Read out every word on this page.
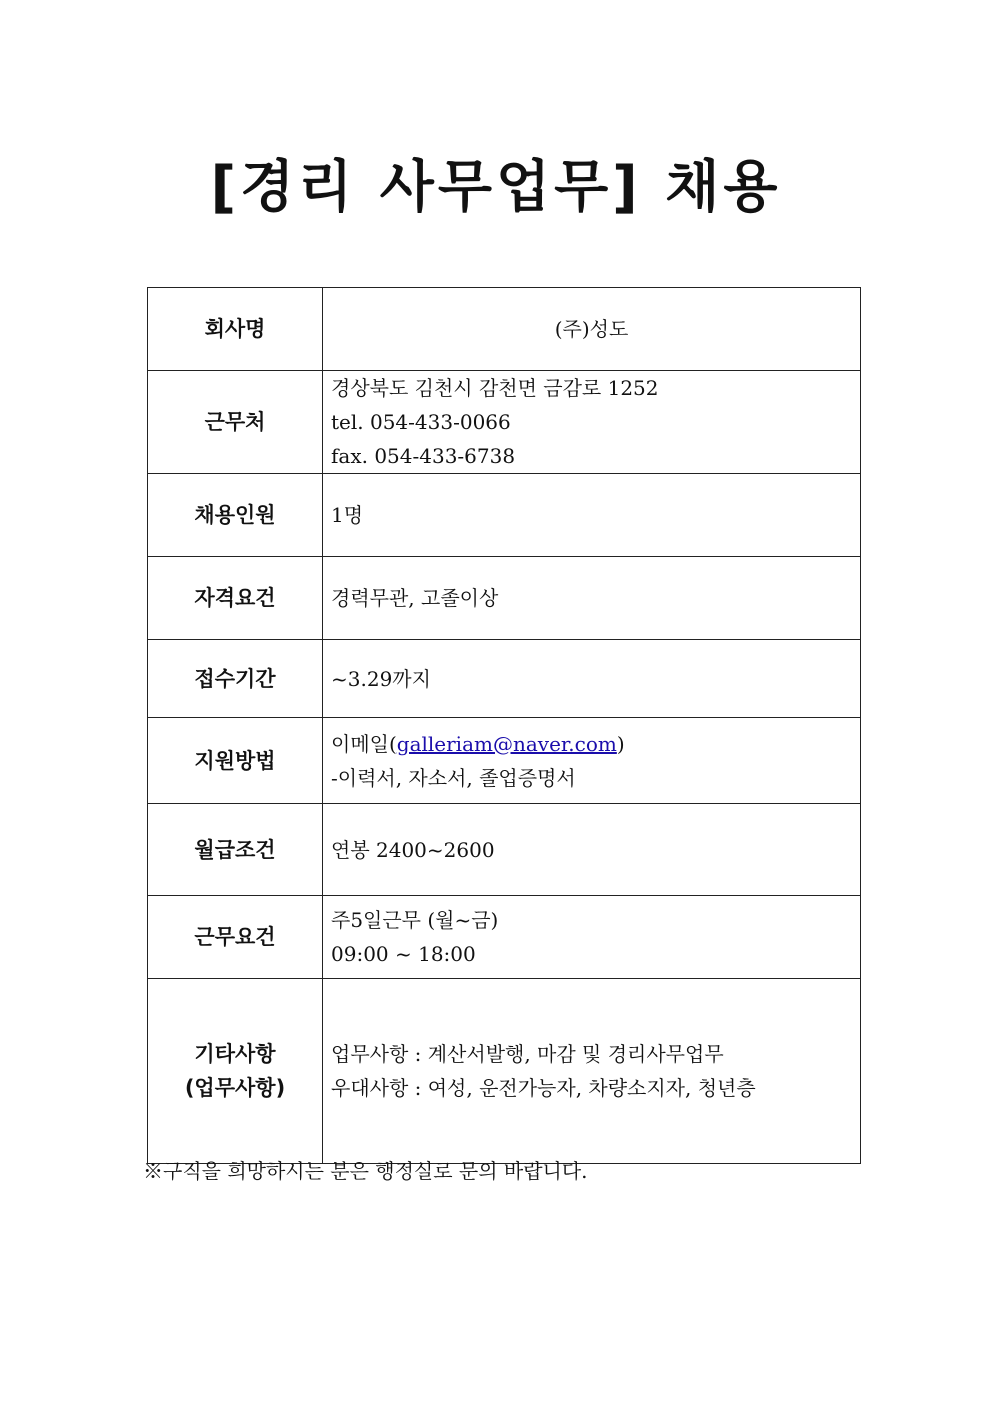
[경리 사무업무] 채용
회사명	(주)성도
근무처	경상북도 김천시 감천면 금감로 1252
tel. 054-433-0066
fax. 054-433-6738

채용인원	1명
자격요건	경력무관, 고졸이상
접수기간	~3.29까지
지원방법	이메일(galleriam@naver.com)
-이력서, 자소서, 졸업증명서

월급조건	연봉 2400~2600
근무요건	주5일근무 (월~금)
09:00 ~ 18:00

기타사항
(업무사항)	업무사항 : 계산서발행, 마감 및 경리사무업무
우대사항 : 여성, 운전가능자, 차량소지자, 청년층
※구직을 희망하시는 분은 행정실로 문의 바랍니다.
